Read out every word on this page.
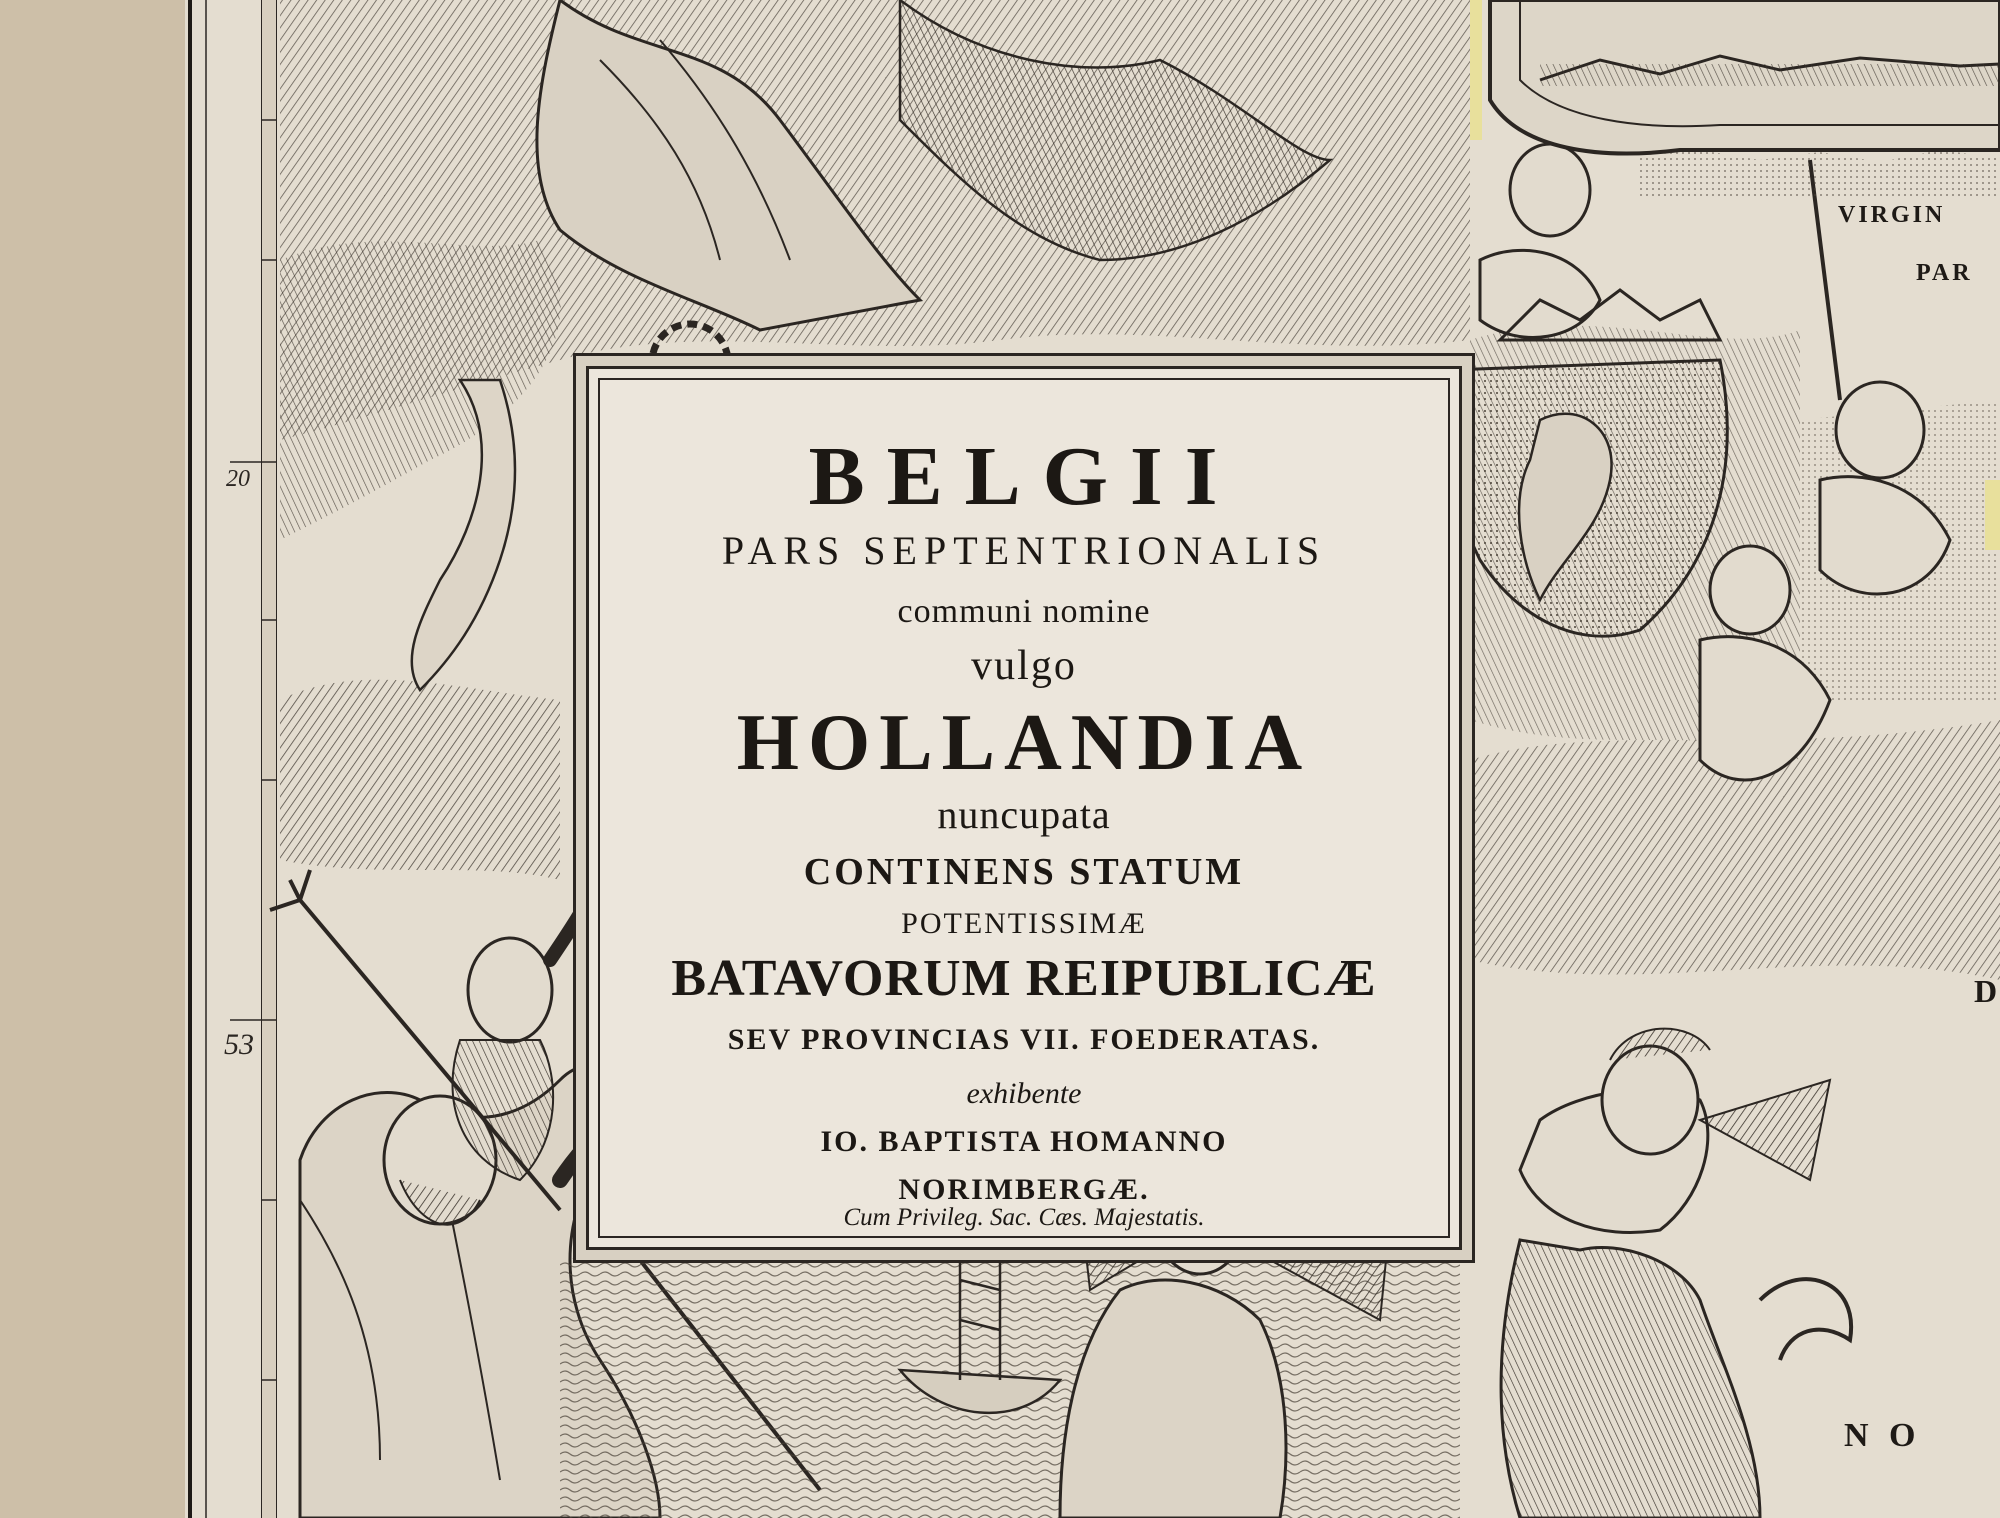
20
53
VIRGIN
PAR
D
N O
BELGII
PARS SEPTENTRIONALIS
communi nomine
vulgo
HOLLANDIA
nuncupata
CONTINENS STATUM
POTENTISSIMÆ
BATAVORUM REIPUBLICÆ
SEV PROVINCIAS VII. FOEDERATAS.
exhibente
IO. BAPTISTA HOMANNO
NORIMBERGÆ.
Cum Privileg. Sac. Cæs. Majestatis.
